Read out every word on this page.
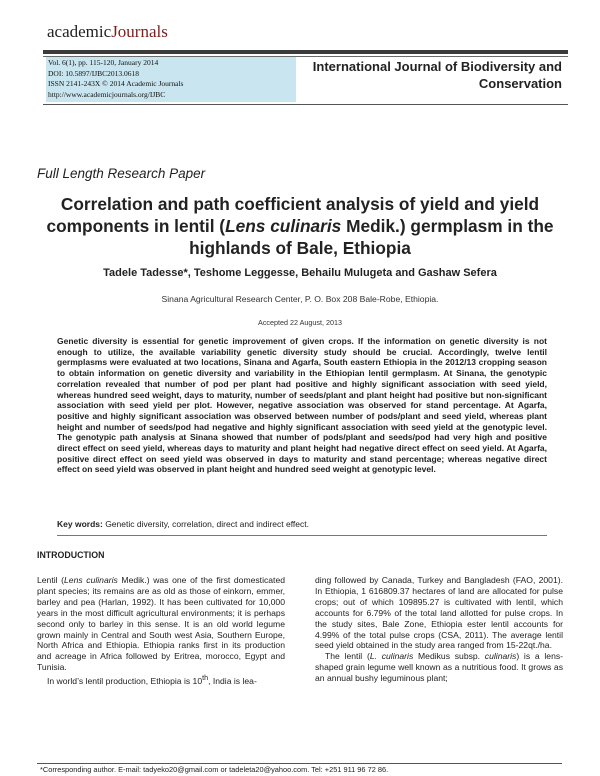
academicJournals
Vol. 6(1), pp. 115-120, January 2014
DOI: 10.5897/IJBC2013.0618
ISSN 2141-243X © 2014 Academic Journals
http://www.academicjournals.org/IJBC
International Journal of Biodiversity and
Conservation
Full Length Research Paper
Correlation and path coefficient analysis of yield and yield components in lentil (Lens culinaris Medik.) germplasm in the highlands of Bale, Ethiopia
Tadele Tadesse*, Teshome Leggesse, Behailu Mulugeta and Gashaw Sefera
Sinana Agricultural Research Center, P. O. Box 208 Bale-Robe, Ethiopia.
Accepted 22 August, 2013

Genetic diversity is essential for genetic improvement of given crops. If the information on genetic diversity is not enough to utilize, the available variability genetic diversity study should be crucial. Accordingly, twelve lentil germplasms were evaluated at two locations, Sinana and Agarfa, South eastern Ethiopia in the 2012/13 cropping season to obtain information on genetic diversity and variability in the Ethiopian lentil germplasm. At Sinana, the genotypic correlation revealed that number of pod per plant had positive and highly significant association with seed yield, whereas hundred seed weight, days to maturity, number of seeds/plant and plant height had positive but non-significant association with seed yield per plot. However, negative association was observed for stand percentage. At Agarfa, positive and highly significant association was observed between number of pods/plant and seed yield, whereas plant height and number of seeds/pod had negative and highly significant association with seed yield at the genotypic level. The genotypic path analysis at Sinana showed that number of pods/plant and seeds/pod had very high and positive direct effect on seed yield, whereas days to maturity and plant height had negative direct effect on seed yield. At Agarfa, positive direct effect on seed yield was observed in days to maturity and stand percentage; whereas negative direct effect on seed yield was observed in plant height and hundred seed weight at genotypic level.

Key words: Genetic diversity, correlation, direct and indirect effect.
INTRODUCTION

Lentil (Lens culinaris Medik.) was one of the first domesticated plant species; its remains are as old as those of einkorn, emmer, barley and pea (Harlan, 1992). It has been cultivated for 10,000 years in the most difficult agricultural environments; it is perhaps second only to barley in this sense. It is an old world legume grown mainly in Central and South west Asia, Southern Europe, North Africa and Ethiopia. Ethiopia ranks first in its production and acreage in Africa followed by Eritrea, morocco, Egypt and Tunisia.

In world’s lentil production, Ethiopia is 10th, India is lea-

ding followed by Canada, Turkey and Bangladesh (FAO, 2001). In Ethiopia, 1 616809.37 hectares of land are allocated for pulse crops; out of which 109895.27 is cultivated with lentil, which accounts for 6.79% of the total land allotted for pulse crops. In the study sites, Bale Zone, Ethiopia ester lentil accounts for 4.99% of the total pulse crops (CSA, 2011). The average lentil seed yield obtained in the study area ranged from 15-22qt./ha.

The lentil (L. culinaris Medikus subsp. culinaris) is a lens-shaped grain legume well known as a nutritious food. It grows as an annual bushy leguminous plant;

*Corresponding author. E-mail: tadyeko20@gmail.com or tadeleta20@yahoo.com. Tel: +251 911 96 72 86.
